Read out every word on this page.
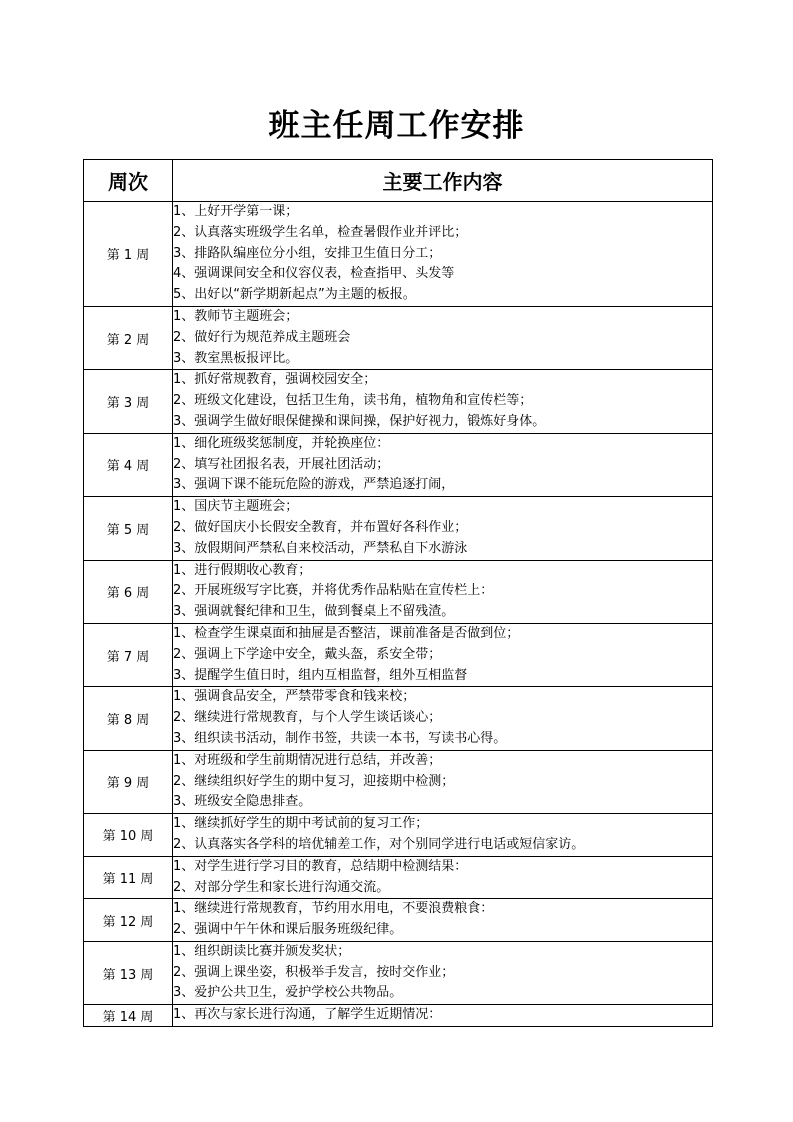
班主任周工作安排
周次	主要工作内容
第 1 周	1、上好开学第一课；
2、认真落实班级学生名单，检查暑假作业并评比；
3、排路队编座位分小组，安排卫生值日分工；
4、强调课间安全和仪容仪表，检查指甲、头发等
5、出好以“新学期新起点”为主题的板报。

第 2 周	1、教师节主题班会；
2、做好行为规范养成主题班会
3、教室黑板报评比。

第 3 周	1、抓好常规教育，强调校园安全；
2、班级文化建设，包括卫生角，读书角，植物角和宣传栏等；
3、强调学生做好眼保健操和课间操，保护好视力，锻炼好身体。

第 4 周	1、细化班级奖惩制度，并轮换座位：
2、填写社团报名表，开展社团活动；
3、强调下课不能玩危险的游戏，严禁追逐打闹，

第 5 周	1、国庆节主题班会；
2、做好国庆小长假安全教育，并布置好各科作业；
3、放假期间严禁私自来校活动，严禁私自下水游泳

第 6 周	1、进行假期收心教育；
2、开展班级写字比赛，并将优秀作品粘贴在宣传栏上：
3、强调就餐纪律和卫生，做到餐桌上不留残渣。

第 7 周	1、检查学生课桌面和抽屉是否整洁，课前准备是否做到位；
2、强调上下学途中安全，戴头盔，系安全带；
3、提醒学生值日时，组内互相监督，组外互相监督

第 8 周	1、强调食品安全，严禁带零食和钱来校；
2、继续进行常规教育，与个人学生谈话谈心；
3、组织读书活动，制作书签，共读一本书，写读书心得。

第 9 周	1、对班级和学生前期情况进行总结，并改善；
2、继续组织好学生的期中复习，迎接期中检测；
3、班级安全隐患排查。

第 10 周	1、继续抓好学生的期中考试前的复习工作；
2、认真落实各学科的培优辅差工作，对个别同学进行电话或短信家访。

第 11 周	1、对学生进行学习目的教育，总结期中检测结果：
2、对部分学生和家长进行沟通交流。

第 12 周	1、继续进行常规教育，节约用水用电，不要浪费粮食：
2、强调中午午休和课后服务班级纪律。

第 13 周	1、组织朗读比赛并颁发奖状；
2、强调上课坐姿，积极举手发言，按时交作业；
3、爱护公共卫生，爱护学校公共物品。

第 14 周	1、再次与家长进行沟通，了解学生近期情况：
